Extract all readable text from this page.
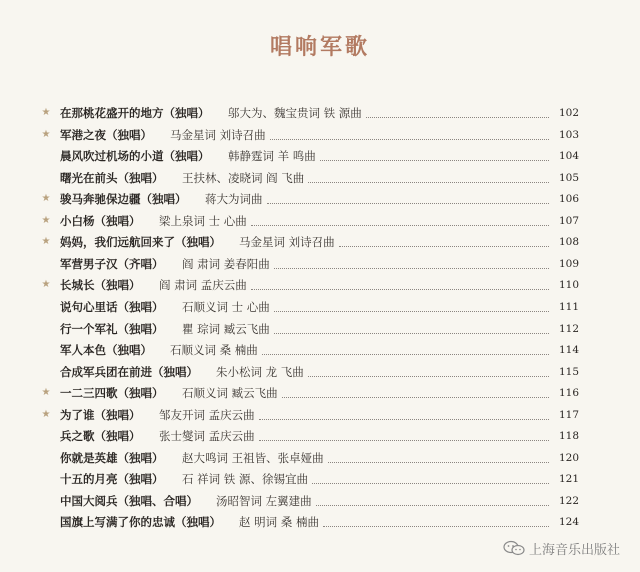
唱响军歌
★ 在那桃花盛开的地方（独唱） 邬大为、魏宝贵词 铁 源曲	102
★ 军港之夜（独唱） 马金星词 刘诗召曲	103
晨风吹过机场的小道（独唱） 韩静霆词 羊 鸣曲	104
曙光在前头（独唱） 王扶林、凌晓词 阎 飞曲	105
★ 骏马奔驰保边疆（独唱） 蒋大为词曲	106
★ 小白杨（独唱） 梁上泉词 士 心曲	107
★ 妈妈，我们远航回来了（独唱） 马金星词 刘诗召曲	108
军营男子汉（齐唱） 阎 肃词 姜春阳曲	109
★ 长城长（独唱） 阎 肃词 孟庆云曲	110
说句心里话（独唱） 石顺义词 士 心曲	111
行一个军礼（独唱） 瞿 琮词 臧云飞曲	112
军人本色（独唱） 石顺义词 桑 楠曲	114
合成军兵团在前进（独唱） 朱小松词 龙 飞曲	115
★ 一二三四歌（独唱） 石顺义词 臧云飞曲	116
★ 为了谁（独唱） 邹友开词 孟庆云曲	117
兵之歌（独唱） 张士燮词 孟庆云曲	118
你就是英雄（独唱） 赵大鸣词 王祖皆、张卓娅曲	120
十五的月亮（独唱） 石 祥词 铁 源、徐锡宜曲	121
中国大阅兵（独唱、合唱） 汤昭智词 左翼建曲	122
国旗上写满了你的忠诚（独唱） 赵 明词 桑 楠曲	124
上海音乐出版社
